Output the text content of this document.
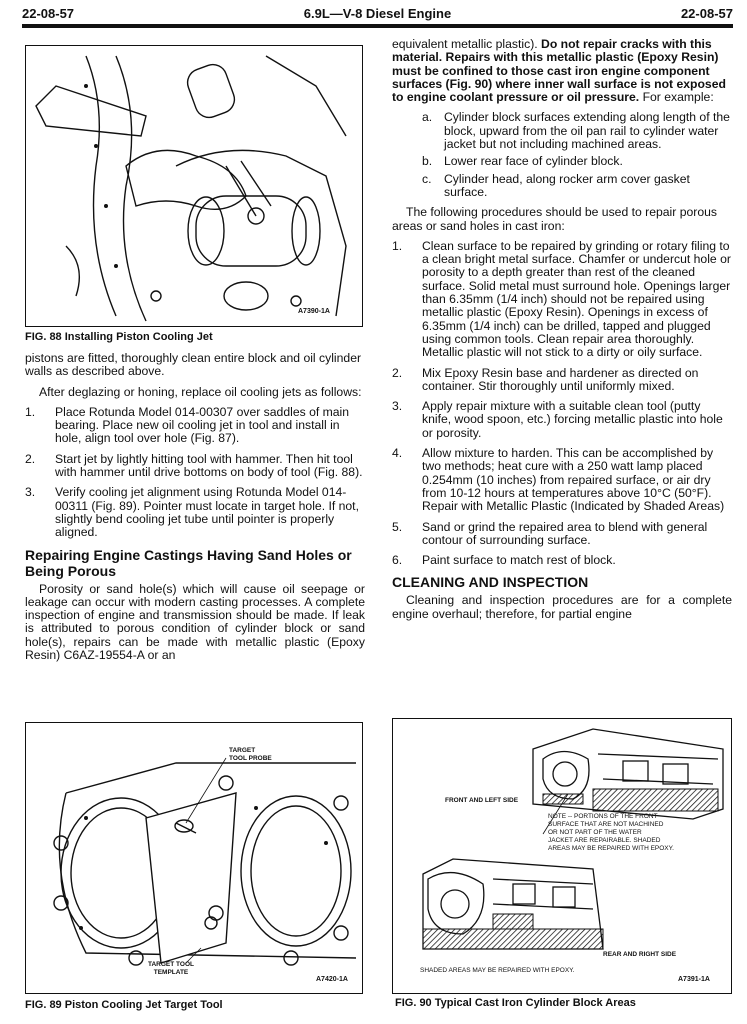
22-08-57	6.9L—V-8 Diesel Engine	22-08-57
A7390-1A
FIG. 88 Installing Piston Cooling Jet

pistons are fitted, thoroughly clean entire block and oil cylinder walls as described above.

After deglazing or honing, replace oil cooling jets as follows:

1.	Place Rotunda Model 014-00307 over saddles of main bearing. Place new oil cooling jet in tool and install in hole, align tool over hole (Fig. 87).
2.	Start jet by lightly hitting tool with hammer. Then hit tool with hammer until drive bottoms on body of tool (Fig. 88).
3.	Verify cooling jet alignment using Rotunda Model 014-00311 (Fig. 89). Pointer must locate in target hole. If not, slightly bend cooling jet tube until pointer is properly aligned.
Repairing Engine Castings Having Sand Holes or Being Porous

Porosity or sand hole(s) which will cause oil seepage or leakage can occur with modern casting processes. A complete inspection of engine and transmission should be made. If leak is attributed to porous condition of cylinder block or sand hole(s), repairs can be made with metallic plastic (Epoxy Resin) C6AZ-19554-A or an

equivalent metallic plastic). Do not repair cracks with this material. Repairs with this metallic plastic (Epoxy Resin) must be confined to those cast iron engine component surfaces (Fig. 90) where inner wall surface is not exposed to engine coolant pressure or oil pressure. For example:

a. Cylinder block surfaces extending along length of the block, upward from the oil pan rail to cylinder water jacket but not including machined areas.
b. Lower rear face of cylinder block.
c.	Cylinder head, along rocker arm cover gasket surface.

The following procedures should be used to repair porous areas or sand holes in cast iron:

1.	Clean surface to be repaired by grinding or rotary filing to a clean bright metal surface. Chamfer or undercut hole or porosity to a depth greater than rest of the cleaned surface. Solid metal must surround hole. Openings larger than 6.35mm (1/4 inch) should not be repaired using metallic plastic (Epoxy Resin). Openings in excess of 6.35mm (1/4 inch) can be drilled, tapped and plugged using common tools. Clean repair area thoroughly. Metallic plastic will not stick to a dirty or oily surface.
2.	Mix Epoxy Resin base and hardener as directed on container. Stir thoroughly until uniformly mixed.
3.	Apply repair mixture with a suitable clean tool (putty knife, wood spoon, etc.) forcing metallic plastic into hole or porosity.
4.	Allow mixture to harden. This can be accomplished by two methods; heat cure with a 250 watt lamp placed 0.254mm (10 inches) from repaired surface, or air dry from 10-12 hours at temperatures above 10°C (50°F). Repair with Metallic Plastic (Indicated by Shaded Areas)
5.	Sand or grind the repaired area to blend with general contour of surrounding surface.
6.	Paint surface to match rest of block.
CLEANING AND INSPECTION

Cleaning and inspection procedures are for a complete engine overhaul; therefore, for partial engine

TARGET
TOOL PROBE
TARGET TOOL
TEMPLATE
A7420-1A
FIG. 89 Piston Cooling Jet Target Tool
FRONT AND LEFT SIDE
NOTE -- PORTIONS OF THE FRONT
SURFACE THAT ARE NOT MACHINED
OR NOT PART OF THE WATER
JACKET ARE REPAIRABLE. SHADED
AREAS MAY BE REPAIRED WITH EPOXY.
REAR AND RIGHT SIDE
SHADED AREAS MAY BE REPAIRED WITH EPOXY.
A7391-1A
FIG. 90 Typical Cast Iron Cylinder Block Areas
